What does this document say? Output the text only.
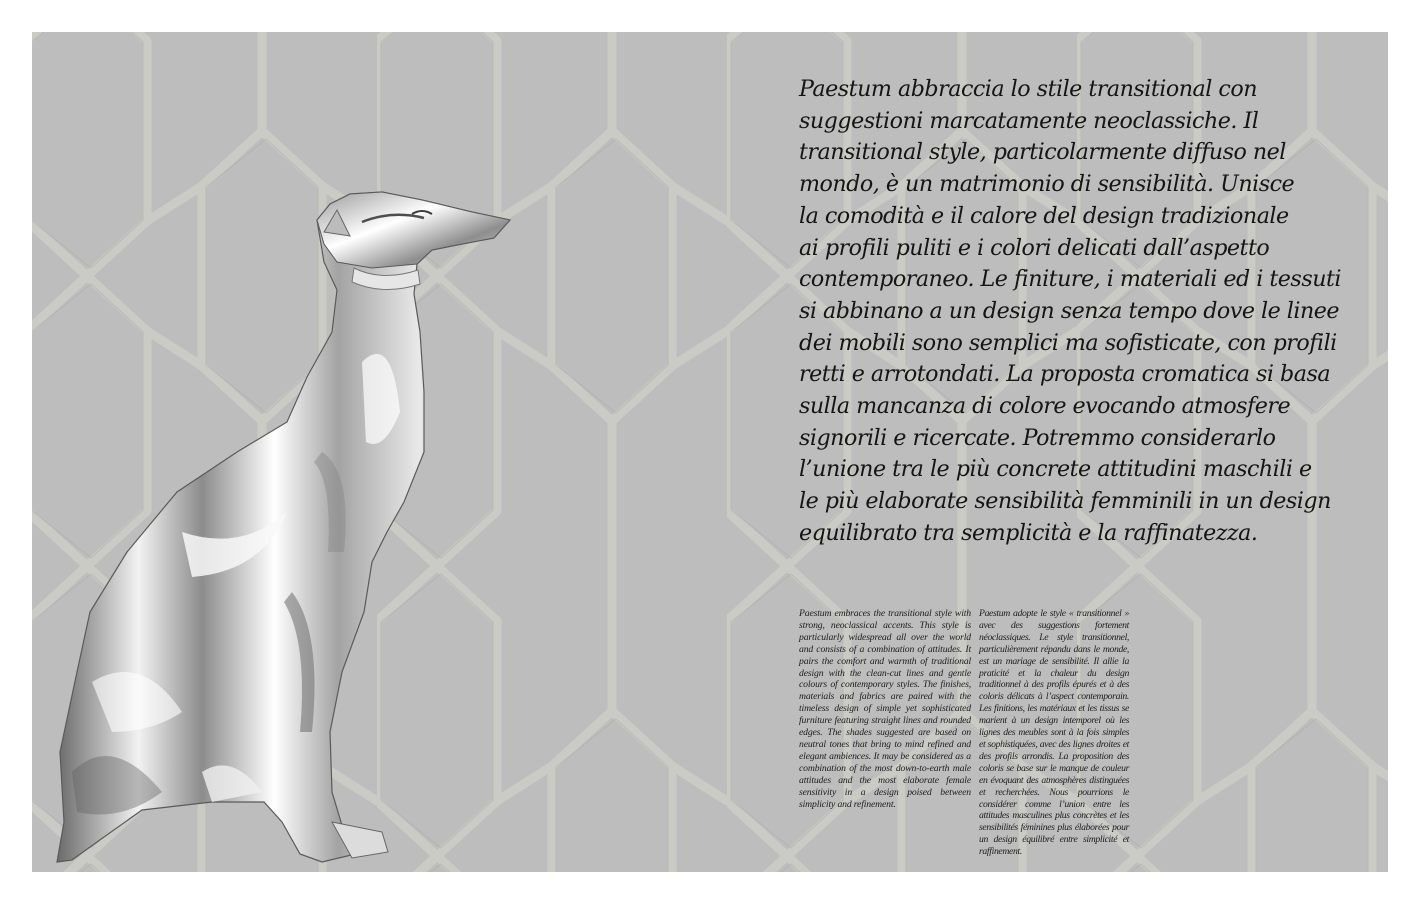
Paestum abbraccia lo stile transitional con
suggestioni marcatamente neoclassiche. Il
transitional style, particolarmente diffuso nel
mondo, è un matrimonio di sensibilità. Unisce
la comodità e il calore del design tradizionale
ai profili puliti e i colori delicati dall’aspetto
contemporaneo. Le finiture, i materiali ed i tessuti
si abbinano a un design senza tempo dove le linee
dei mobili sono semplici ma sofisticate, con profili
retti e arrotondati. La proposta cromatica si basa
sulla mancanza di colore evocando atmosfere
signorili e ricercate. Potremmo considerarlo
l’unione tra le più concrete attitudini maschili e
le più elaborate sensibilità femminili in un design
equilibrato tra semplicità e la raffinatezza.

Paestum embraces the transitional style with strong, neoclassical accents. This style is particularly widespread all over the world and consists of a combination of attitudes. It pairs the comfort and warmth of traditional design with the clean-cut lines and gentle colours of contemporary styles. The finishes, materials and fabrics are paired with the timeless design of simple yet sophisticated furniture featuring straight lines and rounded edges. The shades suggested are based on neutral tones that bring to mind refined and elegant ambiences. It may be considered as a combination of the most down-to-earth male attitudes and the most elaborate female sensitivity in a design poised between simplicity and refinement.

Paestum adopte le style « transitionnel » avec des suggestions fortement néoclassiques. Le style transitionnel, particulièrement répandu dans le monde, est un mariage de sensibilité. Il allie la praticité et la chaleur du design traditionnel à des profils épurés et à des coloris délicats à l’aspect contemporain. Les finitions, les matériaux et les tissus se marient à un design intemporel où les lignes des meubles sont à la fois simples et sophistiquées, avec des lignes droites et des profils arrondis. La proposition des coloris se base sur le manque de couleur en évoquant des atmosphères distinguées et recherchées. Nous pourrions le considérer comme l’union entre les attitudes masculines plus concrètes et les sensibilités féminines plus élaborées pour un design équilibré entre simplicité et raffinement.
